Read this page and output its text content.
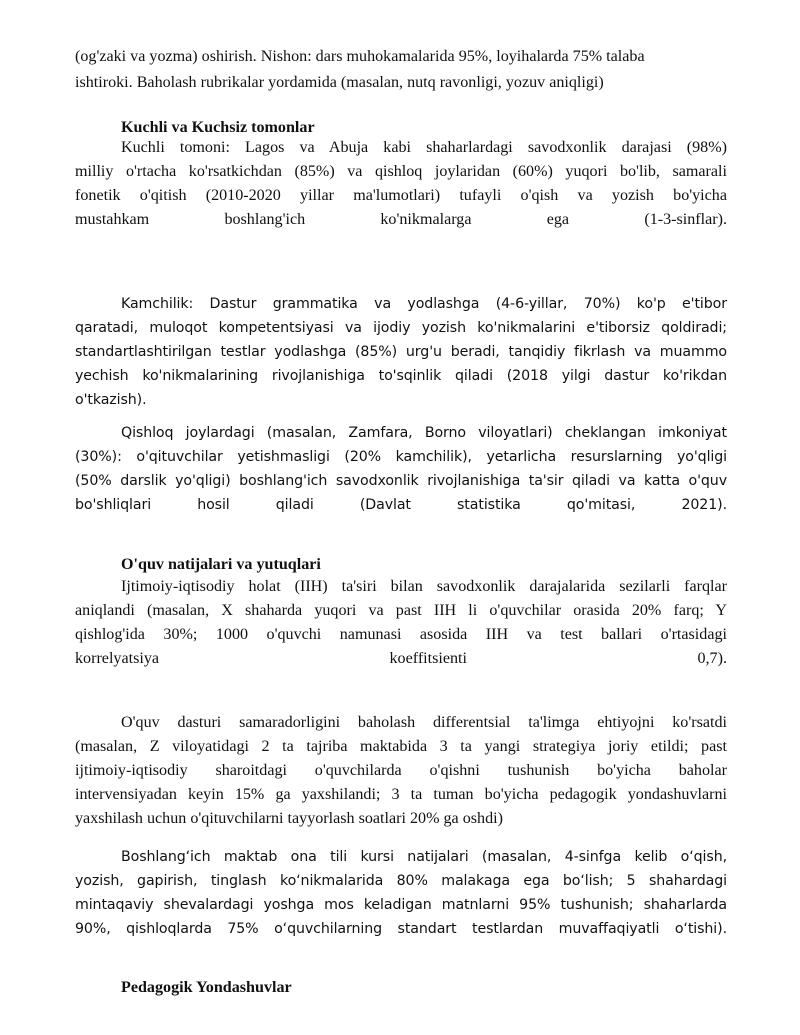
(og'zaki va yozma) oshirish. Nishon: dars muhokamalarida 95%, loyihalarda 75% talaba
ishtiroki. Baholash rubrikalar yordamida (masalan, nutq ravonligi, yozuv aniqligi)
Kuchli va Kuchsiz tomonlar
Kuchli tomoni: Lagos va Abuja kabi shaharlardagi savodxonlik darajasi (98%)
milliy o'rtacha ko'rsatkichdan (85%) va qishloq joylaridan (60%) yuqori bo'lib, samarali
fonetik o'qitish (2010-2020 yillar ma'lumotlari) tufayli o'qish va yozish bo'yicha
mustahkam boshlang'ich ko'nikmalarga ega (1-3-sinflar).
Kamchilik: Dastur grammatika va yodlashga (4-6-yillar, 70%) ko'p e'tibor
qaratadi, muloqot kompetentsiyasi va ijodiy yozish ko'nikmalarini e'tiborsiz qoldiradi;
standartlashtirilgan testlar yodlashga (85%) urg'u beradi, tanqidiy fikrlash va muammo
yechish ko'nikmalarining rivojlanishiga to'sqinlik qiladi (2018 yilgi dastur ko'rikdan
o'tkazish).
Qishloq joylardagi (masalan, Zamfara, Borno viloyatlari) cheklangan imkoniyat
(30%): o'qituvchilar yetishmasligi (20% kamchilik), yetarlicha resurslarning yo'qligi
(50% darslik yo'qligi) boshlang'ich savodxonlik rivojlanishiga ta'sir qiladi va katta o'quv
bo'shliqlari hosil qiladi (Davlat statistika qo'mitasi, 2021).
O'quv natijalari va yutuqlari
Ijtimoiy-iqtisodiy holat (IIH) ta'siri bilan savodxonlik darajalarida sezilarli farqlar
aniqlandi (masalan, X shaharda yuqori va past IIH li o'quvchilar orasida 20% farq; Y
qishlog'ida 30%; 1000 o'quvchi namunasi asosida IIH va test ballari o'rtasidagi
korrelyatsiya koeffitsienti 0,7).
O'quv dasturi samaradorligini baholash differentsial ta'limga ehtiyojni ko'rsatdi
(masalan, Z viloyatidagi 2 ta tajriba maktabida 3 ta yangi strategiya joriy etildi; past
ijtimoiy-iqtisodiy sharoitdagi o'quvchilarda o'qishni tushunish bo'yicha baholar
intervensiyadan keyin 15% ga yaxshilandi; 3 ta tuman bo'yicha pedagogik yondashuvlarni
yaxshilash uchun o'qituvchilarni tayyorlash soatlari 20% ga oshdi)
Boshlang‘ich maktab ona tili kursi natijalari (masalan, 4-sinfga kelib o‘qish,
yozish, gapirish, tinglash ko‘nikmalarida 80% malakaga ega bo‘lish; 5 shahardagi
mintaqaviy shevalardagi yoshga mos keladigan matnlarni 95% tushunish; shaharlarda
90%, qishloqlarda 75% o‘quvchilarning standart testlardan muvaffaqiyatli o‘tishi).
Pedagogik Yondashuvlar
